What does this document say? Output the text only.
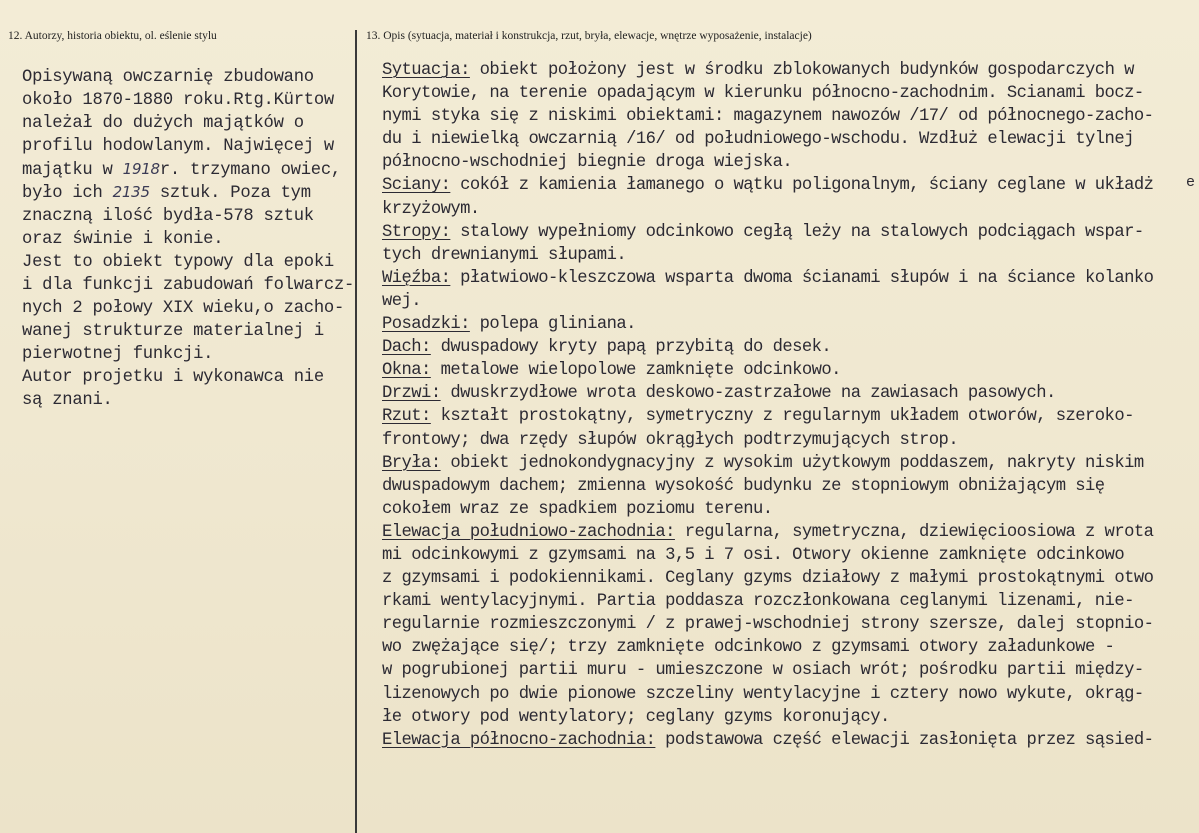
12. Autorzy, historia obiektu, ol. eślenie stylu	13. Opis (sytuacja, materiał i konstrukcja, rzut, bryła, elewacje, wnętrze wyposażenie, instalacje)
Opisywaną owczarnię zbudowano
około 1870-1880 roku.Rtg.Kürtow
należał do dużych majątków o
profilu hodowlanym. Najwięcej w
majątku w 1918r. trzymano owiec,
było ich 2135 sztuk. Poza tym
znaczną ilość bydła-578 sztuk
oraz świnie i konie.
Jest to obiekt typowy dla epoki
i dla funkcji zabudowań folwarcz-
nych 2 połowy XIX wieku,o zacho-
wanej strukturze materialnej i
pierwotnej funkcji.
Autor projetku i wykonawca nie
są znani.
Sytuacja: obiekt położony jest w środku zblokowanych budynków gospodarczych w
Korytowie, na terenie opadającym w kierunku północno-zachodnim. Scianami bocz-
nymi styka się z niskimi obiektami: magazynem nawozów /17/ od północnego-zacho-
du i niewielką owczarnią /16/ od południowego-wschodu. Wzdłuż elewacji tylnej
północno-wschodniej biegnie droga wiejska.
Sciany: cokół z kamienia łamanego o wątku poligonalnym, ściany ceglane w układż
krzyżowym.
Stropy: stalowy wypełniomy odcinkowo cegłą leży na stalowych podciągach wspar-
tych drewnianymi słupami.
Więźba: płatwiowo-kleszczowa wsparta dwoma ścianami słupów i na ściance kolanko
wej.
Posadzki: polepa gliniana.
Dach: dwuspadowy kryty papą przybitą do desek.
Okna: metalowe wielopolowe zamknięte odcinkowo.
Drzwi: dwuskrzydłowe wrota deskowo-zastrzałowe na zawiasach pasowych.
Rzut: kształt prostokątny, symetryczny z regularnym układem otworów, szeroko-
frontowy; dwa rzędy słupów okrągłych podtrzymujących strop.
Bryła: obiekt jednokondygnacyjny z wysokim użytkowym poddaszem, nakryty niskim
dwuspadowym dachem; zmienna wysokość budynku ze stopniowym obniżającym się
cokołem wraz ze spadkiem poziomu terenu.
Elewacja południowo-zachodnia: regularna, symetryczna, dziewięcioosiowa z wrota
mi odcinkowymi z gzymsami na 3,5 i 7 osi. Otwory okienne zamknięte odcinkowo
z gzymsami i podokiennikami. Ceglany gzyms działowy z małymi prostokątnymi otwo
rkami wentylacyjnymi. Partia poddasza rozczłonkowana ceglanymi lizenami, nie-
regularnie rozmieszczonymi / z prawej-wschodniej strony szersze, dalej stopnio-
wo zwężające się/; trzy zamknięte odcinkowo z gzymsami otwory załadunkowe -
w pogrubionej partii muru - umieszczone w osiach wrót; pośrodku partii między-
lizenowych po dwie pionowe szczeliny wentylacyjne i cztery nowo wykute, okrąg-
łe otwory pod wentylatory; ceglany gzyms koronujący.
Elewacja północno-zachodnia: podstawowa część elewacji zasłonięta przez sąsied-
e
